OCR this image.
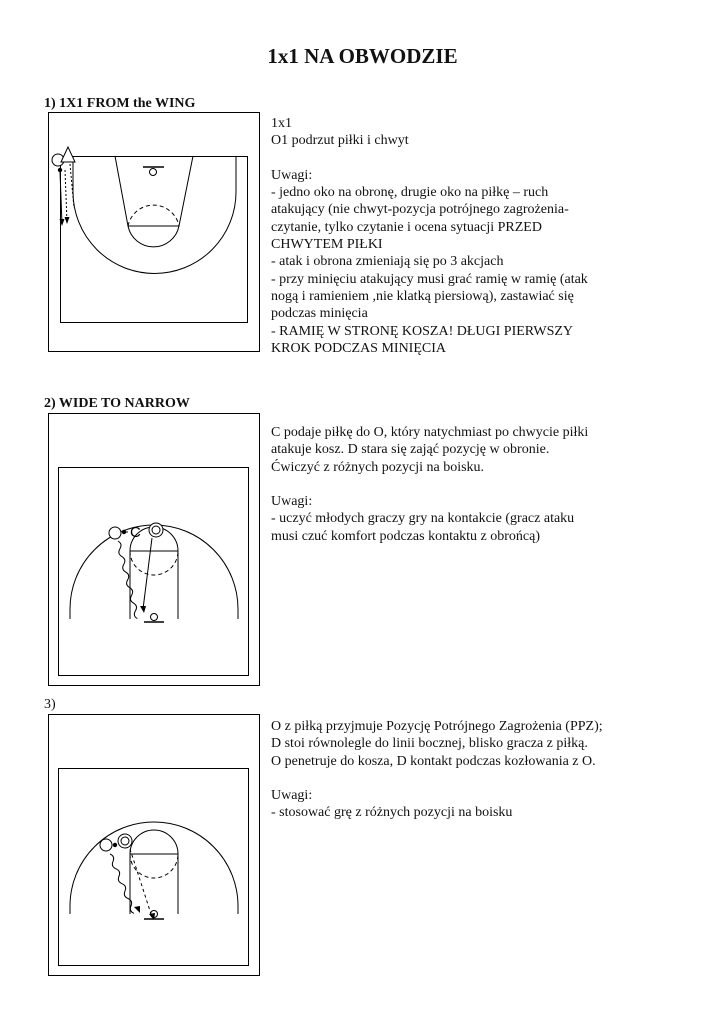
1x1 NA OBWODZIE
1) 1X1 FROM the WING
1x1
O1 podrzut piłki i chwyt
Uwagi:
- jedno oko na obronę, drugie oko na piłkę – ruch
atakujący (nie chwyt-pozycja potrójnego zagrożenia-
czytanie, tylko czytanie i ocena sytuacji PRZED
CHWYTEM PIŁKI
- atak i obrona zmieniają się po 3 akcjach
- przy minięciu atakujący musi grać ramię w ramię (atak
nogą i ramieniem ,nie klatką piersiową), zastawiać się
podczas minięcia
- RAMIĘ W STRONĘ KOSZA! DŁUGI PIERWSZY
KROK PODCZAS MINIĘCIA
2) WIDE TO NARROW
C
C podaje piłkę do O, który natychmiast po chwycie piłki
atakuje kosz. D stara się zająć pozycję w obronie.
Ćwiczyć z różnych pozycji na boisku.
Uwagi:
- uczyć młodych graczy gry na kontakcie (gracz ataku
musi czuć komfort podczas kontaktu z obrońcą)
3)
O z piłką przyjmuje Pozycję Potrójnego Zagrożenia (PPZ);
D stoi równolegle do linii bocznej, blisko gracza z piłką.
O penetruje do kosza, D kontakt podczas kozłowania z O.
Uwagi:
- stosować grę z różnych pozycji na boisku
